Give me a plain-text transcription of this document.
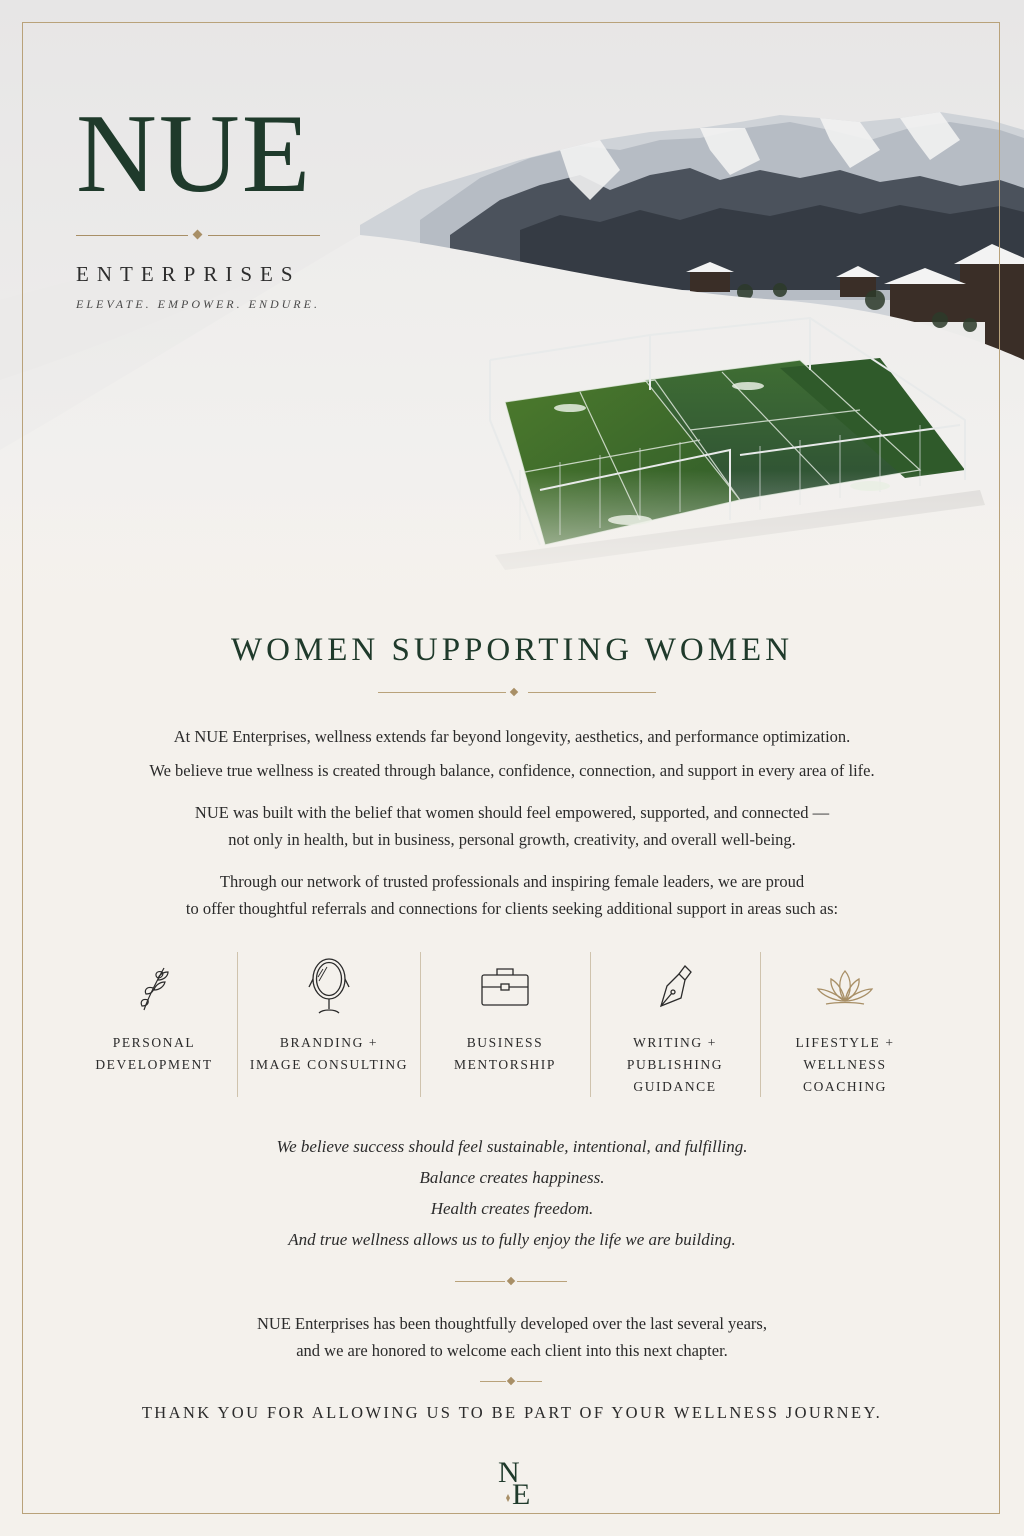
NUE
ENTERPRISES
ELEVATE. EMPOWER. ENDURE.
WOMEN SUPPORTING WOMEN
At NUE Enterprises, wellness extends far beyond longevity, aesthetics, and performance optimization.
We believe true wellness is created through balance, confidence, connection, and support in every area of life.
NUE was built with the belief that women should feel empowered, supported, and connected —
not only in health, but in business, personal growth, creativity, and overall well-being.
Through our network of trusted professionals and inspiring female leaders, we are proud
to offer thoughtful referrals and connections for clients seeking additional support in areas such as:
PERSONAL
DEVELOPMENT
BRANDING +
IMAGE CONSULTING
BUSINESS
MENTORSHIP
WRITING +
PUBLISHING
GUIDANCE
LIFESTYLE +
WELLNESS
COACHING
We believe success should feel sustainable, intentional, and fulfilling.
Balance creates happiness.
Health creates freedom.
And true wellness allows us to fully enjoy the life we are building.
NUE Enterprises has been thoughtfully developed over the last several years,
and we are honored to welcome each client into this next chapter.
THANK YOU FOR ALLOWING US TO BE PART OF YOUR WELLNESS JOURNEY.
N
E
